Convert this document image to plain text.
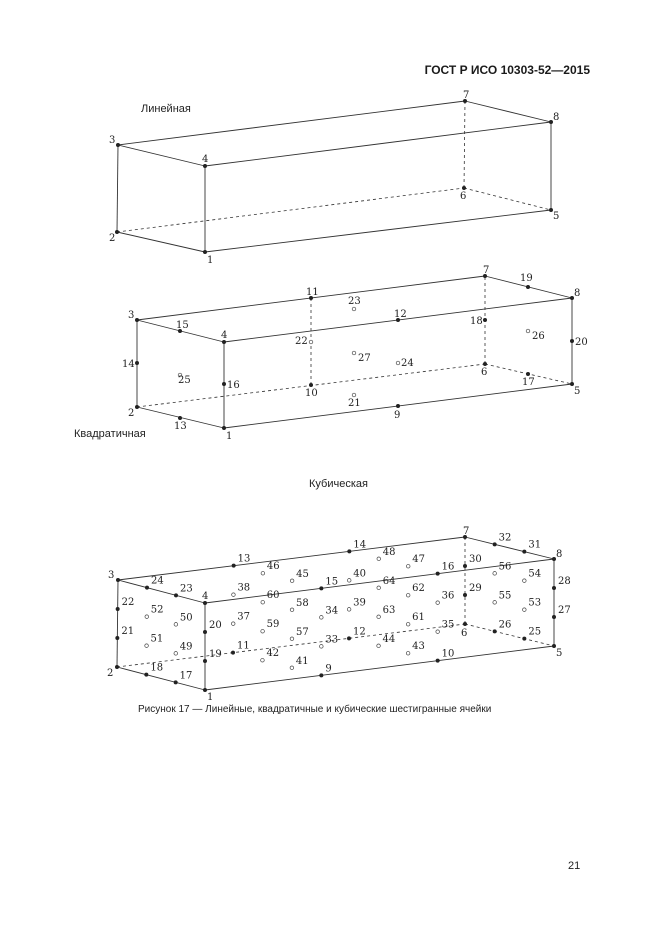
ГОСТ Р ИСО 10303-52—2015
Линейная
Квадратичная
Кубическая
1
2
3
4
5
6
7
8
1
2
3
4
5
6
7
8
9
10
11
12
13
14
15
16	17
18
19
20
21
22
23
24
25
26
27
1
2
3
4
5
6
7
8
9
10
11
12
13
14
15
16
17
18
19
20
21
22
23
24
25
26
27
28
29
30
31
32
33
34
35
36
37
38
39
40
41
42
43
44
45
46
47
48
49
50
51
52
53
54
55
56
57
58
59
60
61
62
63
64
Рисунок 17 — Линейные, квадратичные и кубические шестигранные ячейки
21
